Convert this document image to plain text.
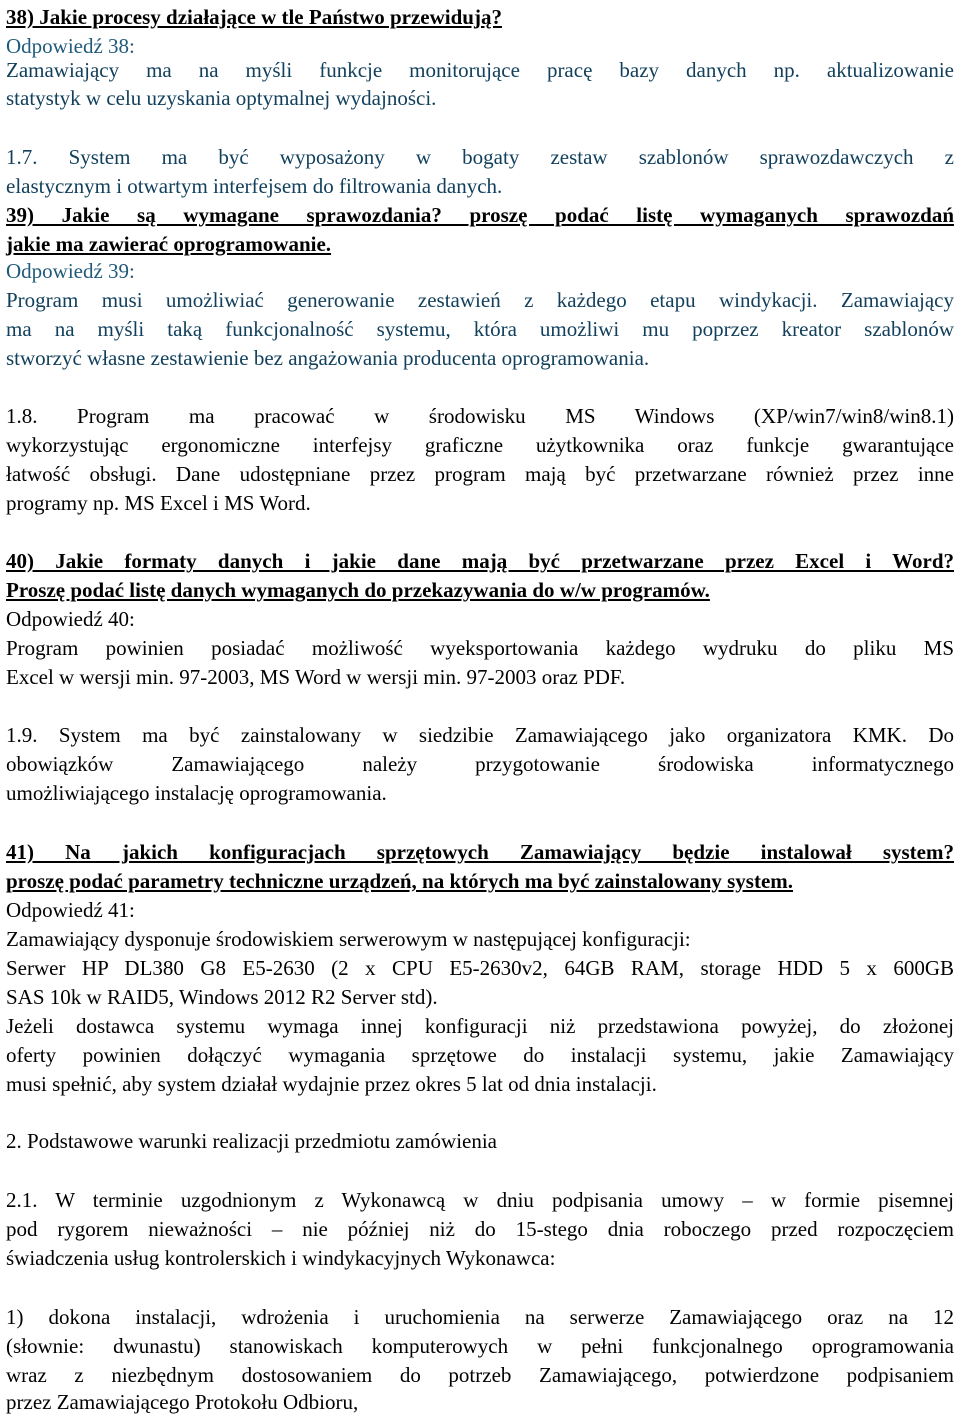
38) Jakie procesy działające w tle Państwo przewidują?
Odpowiedź 38:
Zamawiający ma na myśli funkcje monitorujące pracę bazy danych np. aktualizowanie
statystyk w celu uzyskania optymalnej wydajności.
1.7. System ma być wyposażony w bogaty zestaw szablonów sprawozdawczych z
elastycznym i otwartym interfejsem do filtrowania danych.
39) Jakie są wymagane sprawozdania? proszę podać listę wymaganych sprawozdań
jakie ma zawierać oprogramowanie.
Odpowiedź 39:
Program musi umożliwiać generowanie zestawień z każdego etapu windykacji. Zamawiający
ma na myśli taką funkcjonalność systemu, która umożliwi mu poprzez kreator szablonów
stworzyć własne zestawienie bez angażowania producenta oprogramowania.
1.8. Program ma pracować w środowisku MS Windows (XP/win7/win8/win8.1)
wykorzystując ergonomiczne interfejsy graficzne użytkownika oraz funkcje gwarantujące
łatwość obsługi. Dane udostępniane przez program mają być przetwarzane również przez inne
programy np. MS Excel i MS Word.
40) Jakie formaty danych i jakie dane mają być przetwarzane przez Excel i Word?
Proszę podać listę danych wymaganych do przekazywania do w/w programów.
Odpowiedź 40:
Program powinien posiadać możliwość wyeksportowania każdego wydruku do pliku MS
Excel w wersji min. 97-2003, MS Word w wersji min. 97-2003 oraz PDF.
1.9. System ma być zainstalowany w siedzibie Zamawiającego jako organizatora KMK. Do
obowiązków Zamawiającego należy przygotowanie środowiska informatycznego
umożliwiającego instalację oprogramowania.
41) Na jakich konfiguracjach sprzętowych Zamawiający będzie instalował system?
proszę podać parametry techniczne urządzeń, na których ma być zainstalowany system.
Odpowiedź 41:
Zamawiający dysponuje środowiskiem serwerowym w następującej konfiguracji:
Serwer HP DL380 G8 E5-2630 (2 x CPU E5-2630v2, 64GB RAM, storage HDD 5 x 600GB
SAS 10k w RAID5, Windows 2012 R2 Server std).
Jeżeli dostawca systemu wymaga innej konfiguracji niż przedstawiona powyżej, do złożonej
oferty powinien dołączyć wymagania sprzętowe do instalacji systemu, jakie Zamawiający
musi spełnić, aby system działał wydajnie przez okres 5 lat od dnia instalacji.
2. Podstawowe warunki realizacji przedmiotu zamówienia
2.1. W terminie uzgodnionym z Wykonawcą w dniu podpisania umowy – w formie pisemnej
pod rygorem nieważności – nie później niż do 15-stego dnia roboczego przed rozpoczęciem
świadczenia usług kontrolerskich i windykacyjnych Wykonawca:
1) dokona instalacji, wdrożenia i uruchomienia na serwerze Zamawiającego oraz na 12
(słownie: dwunastu) stanowiskach komputerowych w pełni funkcjonalnego oprogramowania
wraz z niezbędnym dostosowaniem do potrzeb Zamawiającego, potwierdzone podpisaniem
przez Zamawiającego Protokołu Odbioru,
